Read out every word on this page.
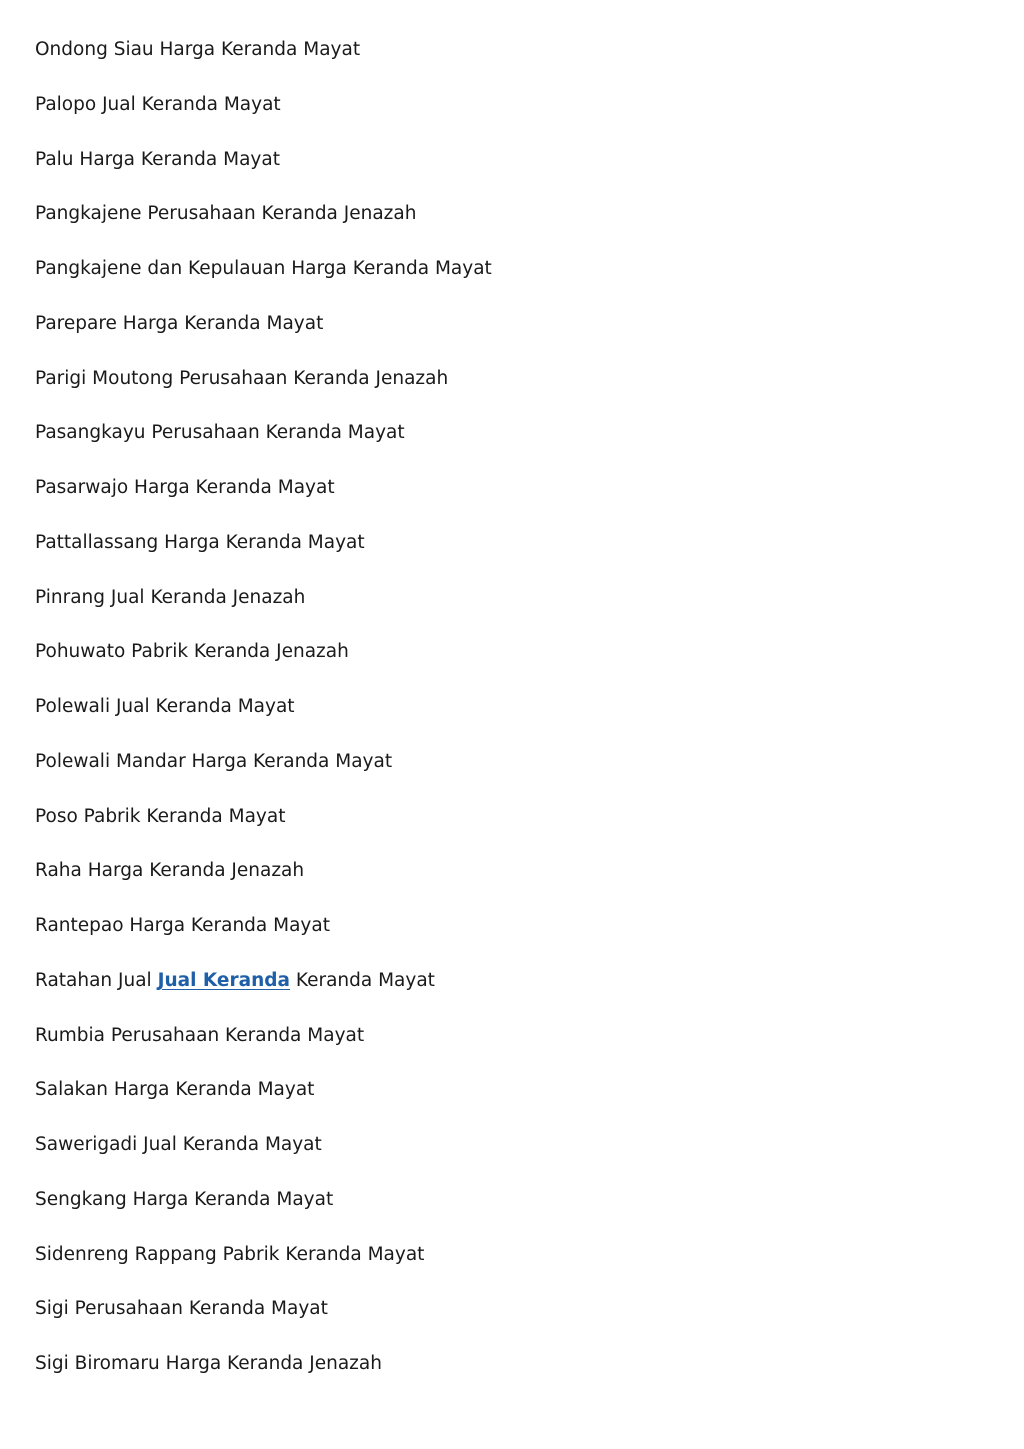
Ondong Siau Harga Keranda Mayat
Palopo Jual Keranda Mayat
Palu Harga Keranda Mayat
Pangkajene Perusahaan Keranda Jenazah
Pangkajene dan Kepulauan Harga Keranda Mayat
Parepare Harga Keranda Mayat
Parigi Moutong Perusahaan Keranda Jenazah
Pasangkayu Perusahaan Keranda Mayat
Pasarwajo Harga Keranda Mayat
Pattallassang Harga Keranda Mayat
Pinrang Jual Keranda Jenazah
Pohuwato Pabrik Keranda Jenazah
Polewali Jual Keranda Mayat
Polewali Mandar Harga Keranda Mayat
Poso Pabrik Keranda Mayat
Raha Harga Keranda Jenazah
Rantepao Harga Keranda Mayat
Ratahan Jual Jual Keranda Keranda Mayat
Rumbia Perusahaan Keranda Mayat
Salakan Harga Keranda Mayat
Sawerigadi Jual Keranda Mayat
Sengkang Harga Keranda Mayat
Sidenreng Rappang Pabrik Keranda Mayat
Sigi Perusahaan Keranda Mayat
Sigi Biromaru Harga Keranda Jenazah
